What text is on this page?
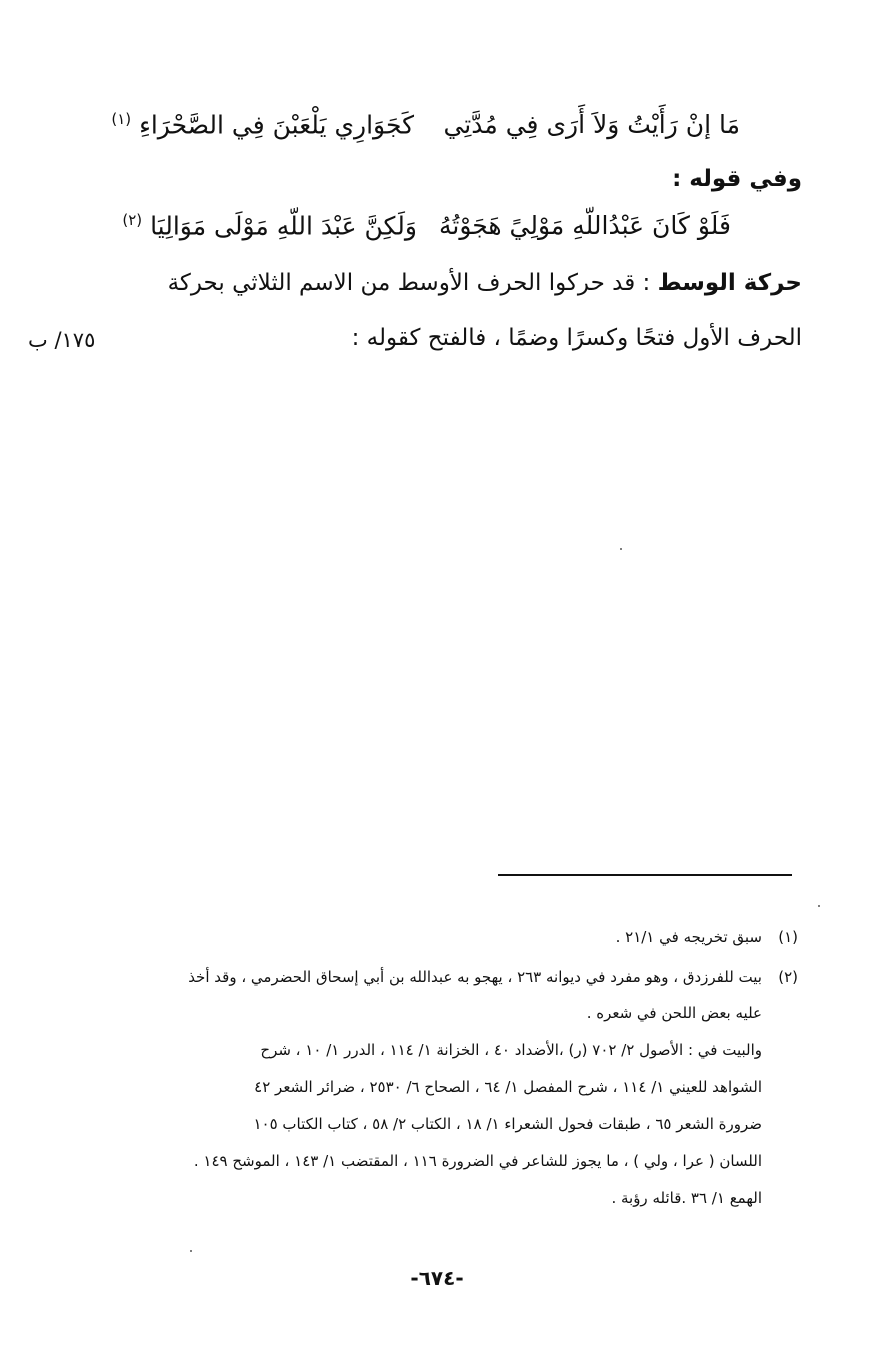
مَا إنْ رَأَيْتُ وَلاَ أَرَى فِي مُدَّتِي
كَجَوَارِي يَلْعَبْنَ فِي الصَّحْرَاءِ $^{(١)}$
وفي قوله :
فَلَوْ كَانَ عَبْدُاللّهِ مَوْلِيً هَجَوْتُهُ
وَلَكِنَّ عَبْدَ اللّهِ مَوْلَى مَوَالِيَا $^{(٢)}$
حركة الوسط : قد حركوا الحرف الأوسط من الاسم الثلاثي بحركة
الحرف الأول فتحًا وكسرًا وضمًا ، فالفتح كقوله :
١٧٥/ ب
(١)
سبق تخريجه في ٢١/١ .
(٢)
بيت للفرزدق ، وهو مفرد في ديوانه ٢٦٣ ، يهجو به عبدالله بن أبي إسحاق الحضرمي ، وقد أخذ
عليه بعض اللحن في شعره .
والبيت في : الأصول ٢/ ٧٠٢ (ر) ،الأضداد ٤٠ ، الخزانة ١/ ١١٤ ، الدرر ١/ ١٠ ، شرح
الشواهد للعيني ١/ ١١٤ ، شرح المفصل ١/ ٦٤ ، الصحاح ٦/ ٢٥٣٠ ، ضرائر الشعر ٤٢
ضرورة الشعر ٦٥ ، طبقات فحول الشعراء ١/ ١٨ ، الكتاب ٢/ ٥٨ ، كتاب الكتاب ١٠٥
اللسان ( عرا ، ولي ) ، ما يجوز للشاعر في الضرورة ١١٦ ، المقتضب ١/ ١٤٣ ، الموشح ١٤٩ .
الهمع ١/ ٣٦ .قائله رؤبة .
-٦٧٤-
